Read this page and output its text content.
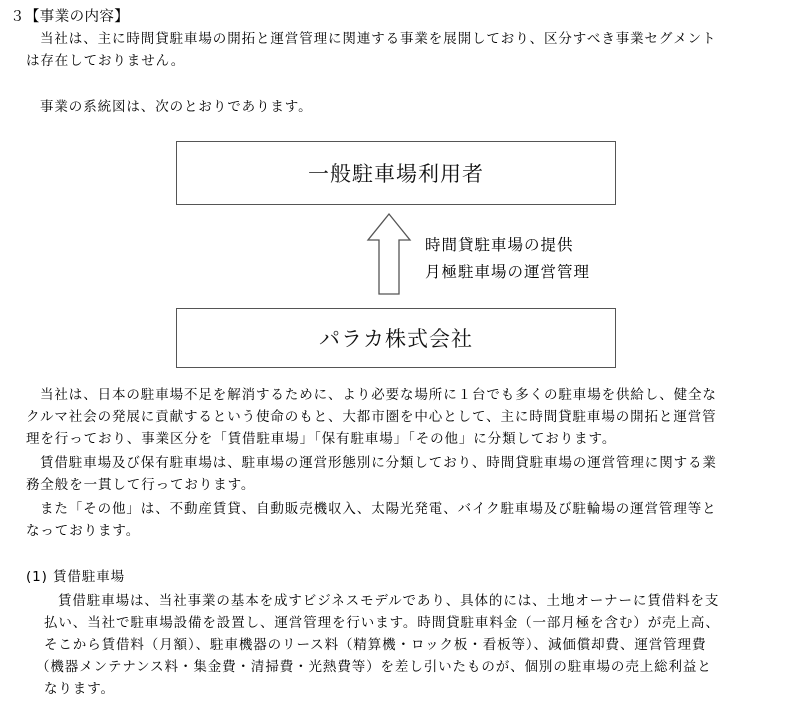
３【事業の内容】
当社は、主に時間貸駐車場の開拓と運営管理に関連する事業を展開しており、区分すべき事業セグメント
は存在しておりません。
事業の系統図は、次のとおりであります。
一般駐車場利用者
時間貸駐車場の提供
月極駐車場の運営管理
パラカ株式会社
当社は、日本の駐車場不足を解消するために、より必要な場所に１台でも多くの駐車場を供給し、健全な
クルマ社会の発展に貢献するという使命のもと、大都市圏を中心として、主に時間貸駐車場の開拓と運営管
理を行っており、事業区分を「賃借駐車場」「保有駐車場」「その他」に分類しております。
賃借駐車場及び保有駐車場は、駐車場の運営形態別に分類しており、時間貸駐車場の運営管理に関する業
務全般を一貫して行っております。
また「その他」は、不動産賃貸、自動販売機収入、太陽光発電、バイク駐車場及び駐輪場の運営管理等と
なっております。
(1) 賃借駐車場
賃借駐車場は、当社事業の基本を成すビジネスモデルであり、具体的には、土地オーナーに賃借料を支
払い、当社で駐車場設備を設置し、運営管理を行います。時間貸駐車料金（一部月極を含む）が売上高、
そこから賃借料（月額）、駐車機器のリース料（精算機・ロック板・看板等）、減価償却費、運営管理費
（機器メンテナンス料・集金費・清掃費・光熱費等）を差し引いたものが、個別の駐車場の売上総利益と
なります。
